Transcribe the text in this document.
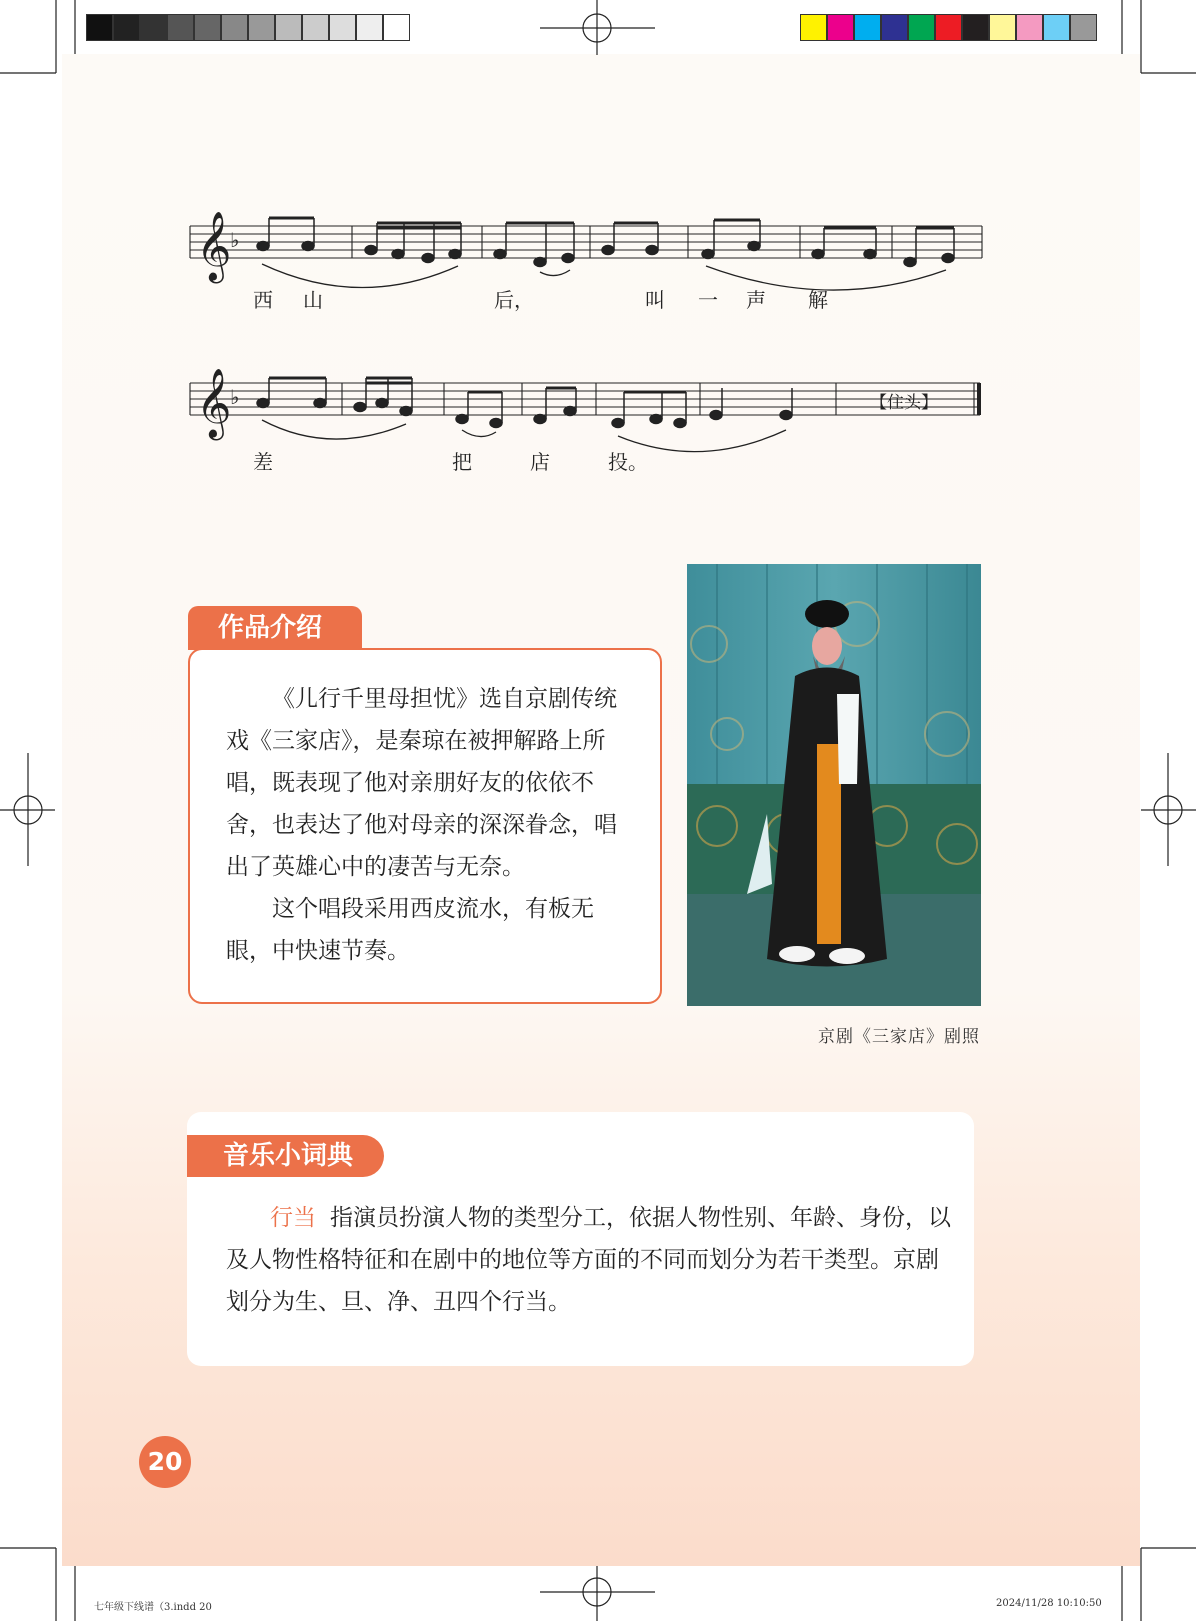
𝄞
♭
𝄞
♭
西 山	后，	叫 一 声 解
差	把	店	投。
【住头】
作品介绍

《儿行千里母担忧》选自京剧传统戏《三家店》，是秦琼在被押解路上所唱，既表现了他对亲朋好友的依依不舍，也表达了他对母亲的深深眷念，唱出了英雄心中的凄苦与无奈。

这个唱段采用西皮流水，有板无眼，中快速节奏。

京剧《三家店》剧照
音乐小词典
行当 指演员扮演人物的类型分工，依据人物性别、年龄、身份，以及人物性格特征和在剧中的地位等方面的不同而划分为若干类型。京剧划分为生、旦、净、丑四个行当。
20
七年级下线谱（3.indd 20	2024/11/28 10:10:50
